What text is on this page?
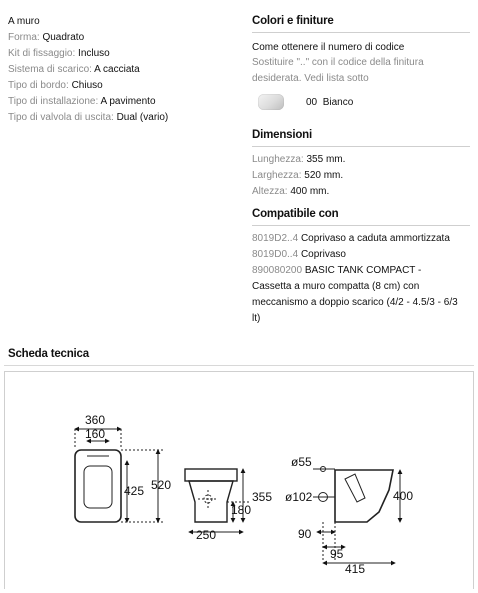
A muro
Forma: Quadrato
Kit di fissaggio: Incluso
Sistema di scarico: A cacciata
Tipo di bordo: Chiuso
Tipo di installazione: A pavimento
Tipo di valvola di uscita: Dual (vario)
Colori e finiture
Come ottenere il numero di codice
Sostituire ".." con il codice della finitura
desiderata. Vedi lista sotto
00 Bianco
Dimensioni
Lunghezza: 355 mm.
Larghezza: 520 mm.
Altezza: 400 mm.
Compatibile con
8019D2..4 Coprivaso a caduta ammortizzata
8019D0..4 Coprivaso
890080200 BASIC TANK COMPACT -
Cassetta a muro compatta (8 cm) con
meccanismo a doppio scarico (4/2 - 4.5/3 - 6/3
lt)
Scheda tecnica
360
160
425 520
355
180
250
ø55
ø102	400
90
95
415
